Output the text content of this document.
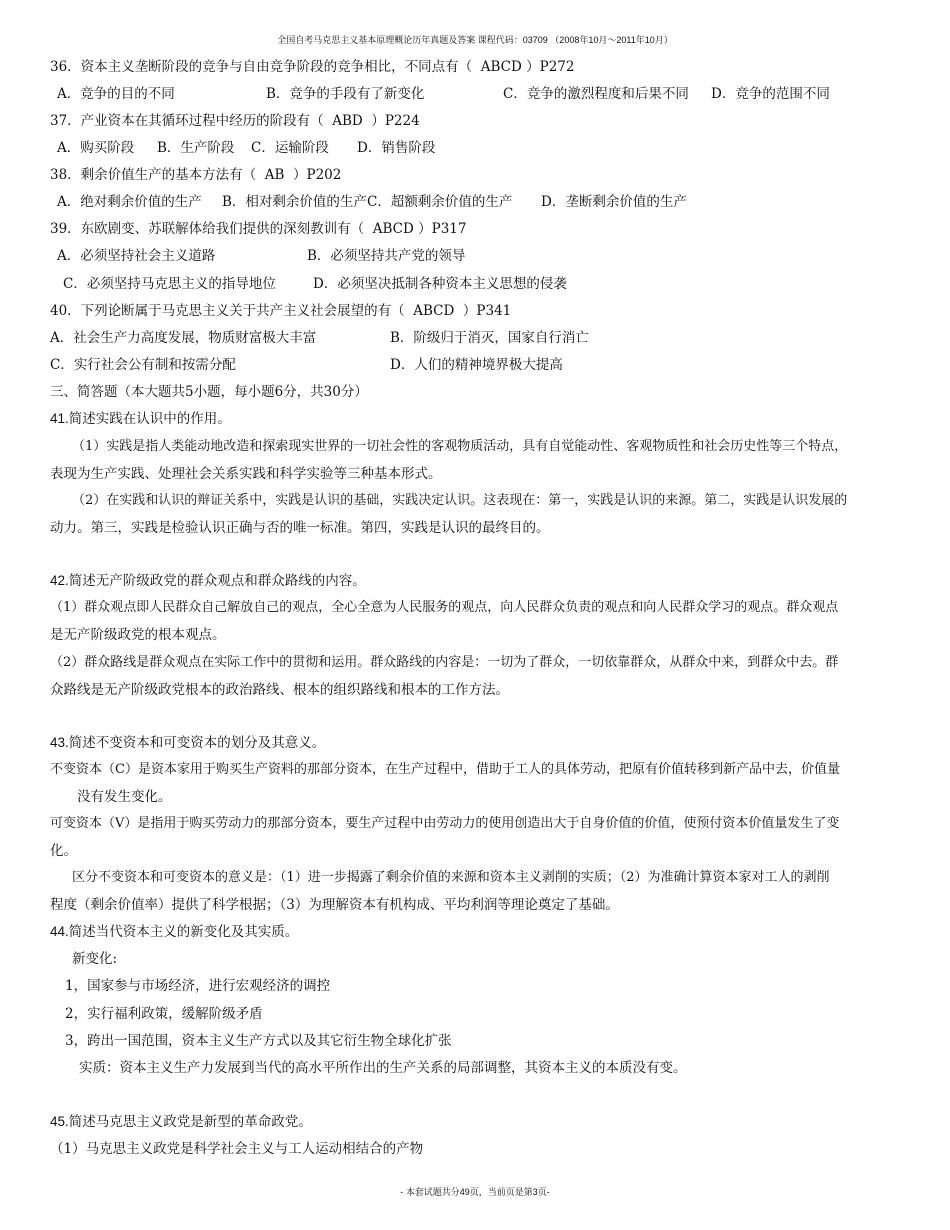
全国自考马克思主义基本原理概论历年真题及答案 课程代码：03709 （2008年10月～2011年10月）
36．资本主义垄断阶段的竞争与自由竞争阶段的竞争相比，不同点有（  ABCD ）P272
A．竞争的目的不同	B．竞争的手段有了新变化	C．竞争的激烈程度和后果不同 D．竞争的范围不同
37．产业资本在其循环过程中经历的阶段有（  ABD  ）P224
A．购买阶段 B．生产阶段 C．运输阶段 D．销售阶段
38．剩余价值生产的基本方法有（  AB  ）P202
A．绝对剩余价值的生产 B．相对剩余价值的生产 C．超额剩余价值的生产 D．垄断剩余价值的生产
39．东欧剧变、苏联解体给我们提供的深刻教训有（  ABCD ）P317
A．必须坚持社会主义道路	B．必须坚持共产党的领导
C．必须坚持马克思主义的指导地位	D．必须坚决抵制各种资本主义思想的侵袭
40．下列论断属于马克思主义关于共产主义社会展望的有（  ABCD  ）P341
A．社会生产力高度发展，物质财富极大丰富	B．阶级归于消灭，国家自行消亡
C．实行社会公有制和按需分配	D．人们的精神境界极大提高
三、简答题（本大题共5小题，每小题6分，共30分）
41.简述实践在认识中的作用。
（1）实践是指人类能动地改造和探索现实世界的一切社会性的客观物质活动，具有自觉能动性、客观物质性和社会历史性等三个特点，
表现为生产实践、处理社会关系实践和科学实验等三种基本形式。
（2）在实践和认识的辩证关系中，实践是认识的基础，实践决定认识。这表现在：第一，实践是认识的来源。第二，实践是认识发展的
动力。第三，实践是检验认识正确与否的唯一标准。第四，实践是认识的最终目的。
42.简述无产阶级政党的群众观点和群众路线的内容。
（1）群众观点即人民群众自己解放自己的观点，全心全意为人民服务的观点，向人民群众负责的观点和向人民群众学习的观点。群众观点
是无产阶级政党的根本观点。
（2）群众路线是群众观点在实际工作中的贯彻和运用。群众路线的内容是：一切为了群众，一切依靠群众，从群众中来，到群众中去。群
众路线是无产阶级政党根本的政治路线、根本的组织路线和根本的工作方法。
43.简述不变资本和可变资本的划分及其意义。
不变资本（C）是资本家用于购买生产资料的那部分资本，在生产过程中，借助于工人的具体劳动，把原有价值转移到新产品中去，价值量
没有发生变化。
可变资本（V）是指用于购买劳动力的那部分资本，要生产过程中由劳动力的使用创造出大于自身价值的价值，使预付资本价值量发生了变
化。
区分不变资本和可变资本的意义是：（1）进一步揭露了剩余价值的来源和资本主义剥削的实质；（2）为准确计算资本家对工人的剥削
程度（剩余价值率）提供了科学根据；（3）为理解资本有机构成、平均利润等理论奠定了基础。
44.简述当代资本主义的新变化及其实质。
新变化:
1，国家参与市场经济，进行宏观经济的调控
2，实行福利政策，缓解阶级矛盾
3，跨出一国范围，资本主义生产方式以及其它衍生物全球化扩张
实质：资本主义生产力发展到当代的高水平所作出的生产关系的局部调整，其资本主义的本质没有变。
45.简述马克思主义政党是新型的革命政党。
（1）马克思主义政党是科学社会主义与工人运动相结合的产物
- 本套试题共分49页，当前页是第3页-
